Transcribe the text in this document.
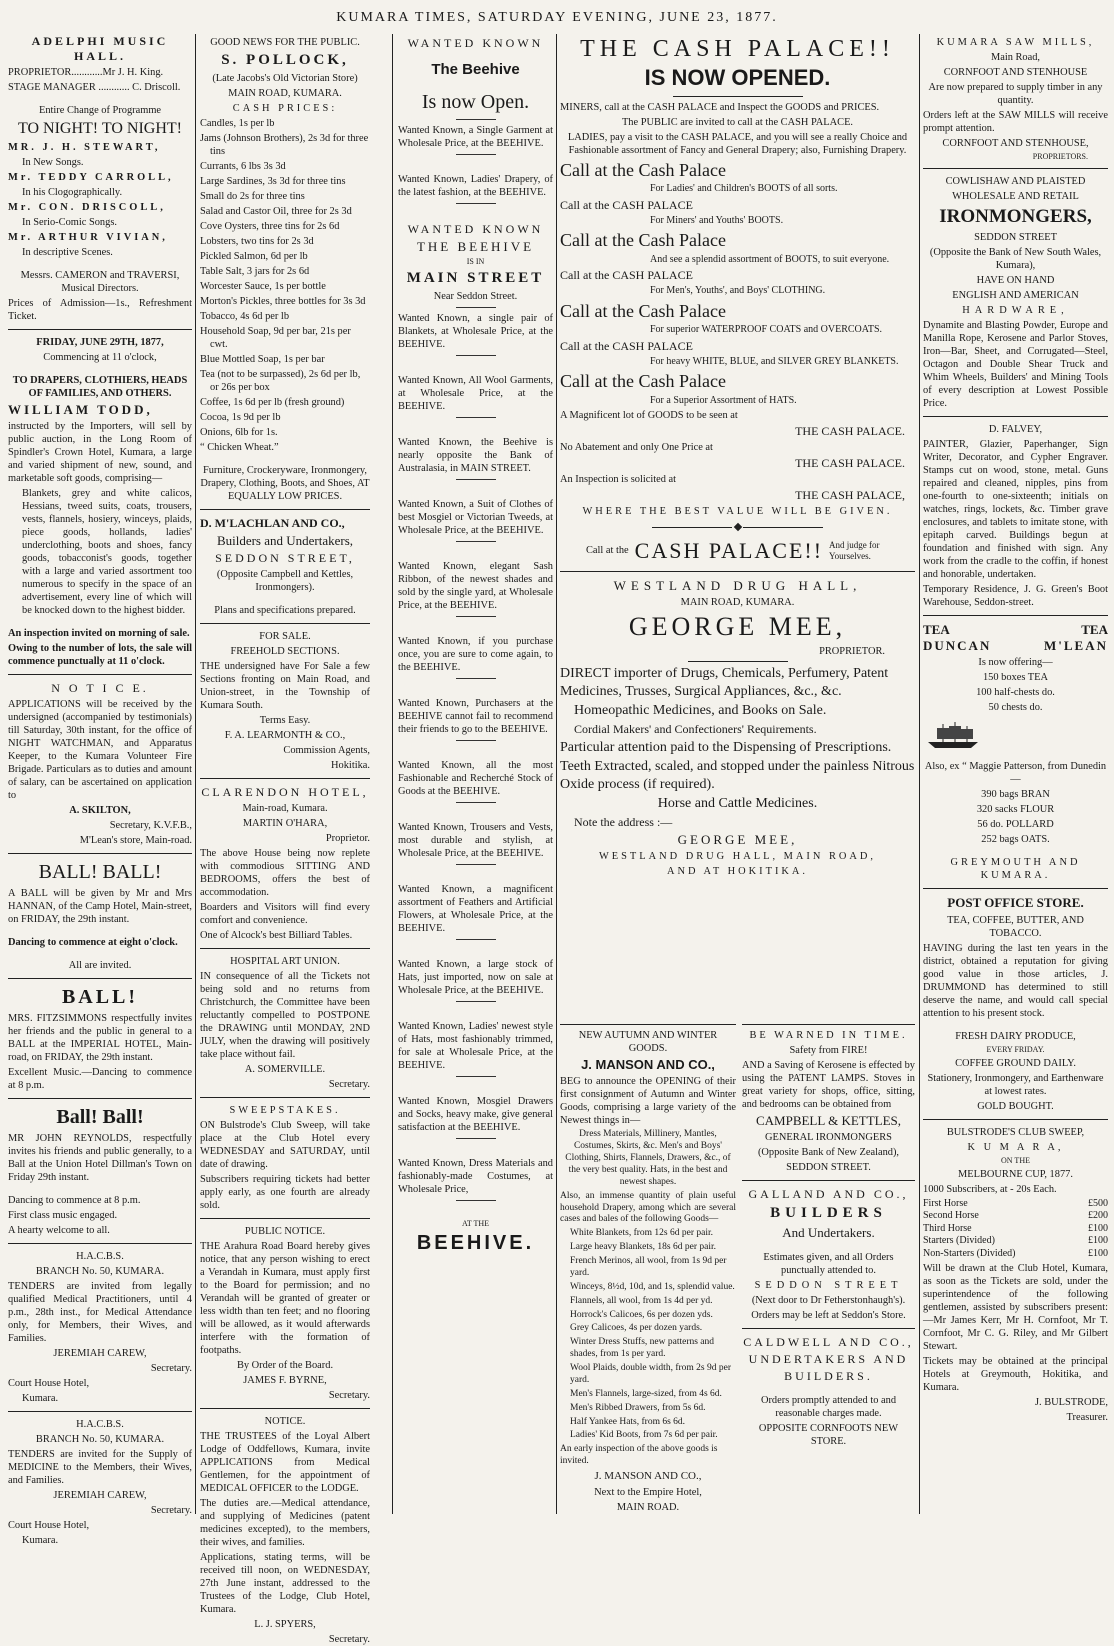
KUMARA TIMES, SATURDAY EVENING, JUNE 23, 1877.
ADELPHI MUSIC HALL.

PROPRIETOR............Mr J. H. King.

STAGE MANAGER ............ C. Driscoll.

Entire Change of Programme

TO NIGHT! TO NIGHT!

MR. J. H. STEWART,

In New Songs.

Mr. TEDDY CARROLL,

In his Clogographically.

Mr. CON. DRISCOLL,

In Serio-Comic Songs.

Mr. ARTHUR VIVIAN,

In descriptive Scenes.

Messrs. CAMERON and TRAVERSI, Musical Directors.

Prices of Admission—1s., Refreshment Ticket.

FRIDAY, JUNE 29TH, 1877,

Commencing at 11 o'clock,

TO DRAPERS, CLOTHIERS, HEADS OF FAMILIES, AND OTHERS.

WILLIAM TODD,

instructed by the Importers, will sell by public auction, in the Long Room of Spindler's Crown Hotel, Kumara, a large and varied shipment of new, sound, and marketable soft goods, comprising—

Blankets, grey and white calicos, Hessians, tweed suits, coats, trousers, vests, flannels, hosiery, winceys, plaids, piece goods, hollands, ladies' underclothing, boots and shoes, fancy goods, tobacconist's goods, together with a large and varied assortment too numerous to specify in the space of an advertisement, every line of which will be knocked down to the highest bidder.

An inspection invited on morning of sale.

Owing to the number of lots, the sale will commence punctually at 11 o'clock.

N O T I C E.

APPLICATIONS will be received by the undersigned (accompanied by testimonials) till Saturday, 30th instant, for the office of NIGHT WATCHMAN, and Apparatus Keeper, to the Kumara Volunteer Fire Brigade. Particulars as to duties and amount of salary, can be ascertained on application to

A. SKILTON,

Secretary, K.V.F.B.,

M'Lean's store, Main-road.

BALL! BALL!

A BALL will be given by Mr and Mrs HANNAN, of the Camp Hotel, Main-street, on FRIDAY, the 29th instant.

Dancing to commence at eight o'clock.

All are invited.

BALL!

MRS. FITZSIMMONS respectfully invites her friends and the public in general to a BALL at the IMPERIAL HOTEL, Main-road, on FRIDAY, the 29th instant.

Excellent Music.—Dancing to commence at 8 p.m.

Ball! Ball!

MR JOHN REYNOLDS, respectfully invites his friends and public generally, to a Ball at the Union Hotel Dillman's Town on Friday 29th instant.

Dancing to commence at 8 p.m.

First class music engaged.

A hearty welcome to all.

H.A.C.B.S.

BRANCH No. 50, KUMARA.

TENDERS are invited from legally qualified Medical Practitioners, until 4 p.m., 28th inst., for Medical Attendance only, for Members, their Wives, and Families.

JEREMIAH CAREW,

Secretary.

Court House Hotel,

Kumara.

H.A.C.B.S.

BRANCH No. 50, KUMARA.

TENDERS are invited for the Supply of MEDICINE to the Members, their Wives, and Families.

JEREMIAH CAREW,

Secretary.

Court House Hotel,

Kumara.

GOOD NEWS FOR THE PUBLIC.

S. POLLOCK,

(Late Jacobs's Old Victorian Store)

MAIN ROAD, KUMARA.

CASH PRICES:

Candles, 1s per lb

Jams (Johnson Brothers), 2s 3d for three tins

Currants, 6 lbs 3s 3d

Large Sardines, 3s 3d for three tins

Small do 2s for three tins

Salad and Castor Oil, three for 2s 3d

Cove Oysters, three tins for 2s 6d

Lobsters, two tins for 2s 3d

Pickled Salmon, 6d per lb

Table Salt, 3 jars for 2s 6d

Worcester Sauce, 1s per bottle

Morton's Pickles, three bottles for 3s 3d

Tobacco, 4s 6d per lb

Household Soap, 9d per bar, 21s per cwt.

Blue Mottled Soap, 1s per bar

Tea (not to be surpassed), 2s 6d per lb, or 26s per box

Coffee, 1s 6d per lb (fresh ground)

Cocoa, 1s 9d per lb

Onions, 6lb for 1s.

“ Chicken Wheat.”

Furniture, Crockeryware, Ironmongery, Drapery, Clothing, Boots, and Shoes, AT EQUALLY LOW PRICES.

D. M'LACHLAN AND CO.,

Builders and Undertakers,

SEDDON STREET,

(Opposite Campbell and Kettles, Ironmongers).

Plans and specifications prepared.

FOR SALE.

FREEHOLD SECTIONS.

THE undersigned have For Sale a few Sections fronting on Main Road, and Union-street, in the Township of Kumara South.

Terms Easy.

F. A. LEARMONTH & CO.,

Commission Agents,

Hokitika.

CLARENDON HOTEL,

Main-road, Kumara.

MARTIN O'HARA,

Proprietor.

The above House being now replete with commodious SITTING AND BEDROOMS, offers the best of accommodation.

Boarders and Visitors will find every comfort and convenience.

One of Alcock's best Billiard Tables.

HOSPITAL ART UNION.

IN consequence of all the Tickets not being sold and no returns from Christchurch, the Committee have been reluctantly compelled to POSTPONE the DRAWING until MONDAY, 2ND JULY, when the drawing will positively take place without fail.

A. SOMERVILLE.

Secretary.

SWEEPSTAKES.

ON Bulstrode's Club Sweep, will take place at the Club Hotel every WEDNESDAY and SATURDAY, until date of drawing.

Subscribers requiring tickets had better apply early, as one fourth are already sold.

PUBLIC NOTICE.

THE Arahura Road Board hereby gives notice, that any person wishing to erect a Verandah in Kumara, must apply first to the Board for permission; and no Verandah will be granted of greater or less width than ten feet; and no flooring will be allowed, as it would afterwards interfere with the formation of footpaths.

By Order of the Board.

JAMES F. BYRNE,

Secretary.

NOTICE.

THE TRUSTEES of the Loyal Albert Lodge of Oddfellows, Kumara, invite APPLICATIONS from Medical Gentlemen, for the appointment of MEDICAL OFFICER to the LODGE.

The duties are.—Medical attendance, and supplying of Medicines (patent medicines excepted), to the members, their wives, and families.

Applications, stating terms, will be received till noon, on WEDNESDAY, 27th June instant, addressed to the Trustees of the Lodge, Club Hotel, Kumara.

L. J. SPYERS,

Secretary.

WANTED KNOWN

The Beehive

Is now Open.

Wanted Known, a Single Garment at Wholesale Price, at the BEEHIVE.

Wanted Known, Ladies' Drapery, of the latest fashion, at the BEEHIVE.

WANTED KNOWN

THE BEEHIVE

IS IN

MAIN STREET

Near Seddon Street.

Wanted Known, a single pair of Blankets, at Wholesale Price, at the BEEHIVE.

Wanted Known, All Wool Garments, at Wholesale Price, at the BEEHIVE.

Wanted Known, the Beehive is nearly opposite the Bank of Australasia, in MAIN STREET.

Wanted Known, a Suit of Clothes of best Mosgiel or Victorian Tweeds, at Wholesale Price, at the BEEHIVE.

Wanted Known, elegant Sash Ribbon, of the newest shades and sold by the single yard, at Wholesale Price, at the BEEHIVE.

Wanted Known, if you purchase once, you are sure to come again, to the BEEHIVE.

Wanted Known, Purchasers at the BEEHIVE cannot fail to recommend their friends to go to the BEEHIVE.

Wanted Known, all the most Fashionable and Recherché Stock of Goods at the BEEHIVE.

Wanted Known, Trousers and Vests, most durable and stylish, at Wholesale Price, at the BEEHIVE.

Wanted Known, a magnificent assortment of Feathers and Artificial Flowers, at Wholesale Price, at the BEEHIVE.

Wanted Known, a large stock of Hats, just imported, now on sale at Wholesale Price, at the BEEHIVE.

Wanted Known, Ladies' newest style of Hats, most fashionably trimmed, for sale at Wholesale Price, at the BEEHIVE.

Wanted Known, Mosgiel Drawers and Socks, heavy make, give general satisfaction at the BEEHIVE.

Wanted Known, Dress Materials and fashionably-made Costumes, at Wholesale Price,

AT THE

BEEHIVE.

THE CASH PALACE!!
IS NOW OPENED.

MINERS, call at the CASH PALACE and Inspect the GOODS and PRICES.

The PUBLIC are invited to call at the CASH PALACE.

LADIES, pay a visit to the CASH PALACE, and you will see a really Choice and Fashionable assortment of Fancy and General Drapery; also, Furnishing Drapery.

Call at the Cash Palace

For Ladies' and Children's BOOTS of all sorts.

Call at the CASH PALACE

For Miners' and Youths' BOOTS.

Call at the Cash Palace

And see a splendid assortment of BOOTS, to suit everyone.

Call at the CASH PALACE

For Men's, Youths', and Boys' CLOTHING.

Call at the Cash Palace

For superior WATERPROOF COATS and OVERCOATS.

Call at the CASH PALACE

For heavy WHITE, BLUE, and SILVER GREY BLANKETS.

Call at the Cash Palace

For a Superior Assortment of HATS.

A Magnificent lot of GOODS to be seen at

THE CASH PALACE.

No Abatement and only One Price at

THE CASH PALACE.

An Inspection is solicited at

THE CASH PALACE,

WHERE THE BEST VALUE WILL BE GIVEN.

Call at the CASH PALACE!! And judge for Yourselves.

WESTLAND DRUG HALL,

MAIN ROAD, KUMARA.

GEORGE MEE,

PROPRIETOR.

DIRECT importer of Drugs, Chemicals, Perfumery, Patent Medicines, Trusses, Surgical Appliances, &c., &c.

Homeopathic Medicines, and Books on Sale.

Cordial Makers' and Confectioners' Requirements.

Particular attention paid to the Dispensing of Prescriptions.

Teeth Extracted, scaled, and stopped under the painless Nitrous Oxide process (if required).

Horse and Cattle Medicines.

Note the address :—

GEORGE MEE,

WESTLAND DRUG HALL, MAIN ROAD,

AND AT HOKITIKA.

NEW AUTUMN AND WINTER GOODS.

J. MANSON AND CO.,

BEG to announce the OPENING of their first consignment of Autumn and Winter Goods, comprising a large variety of the Newest things in—

Dress Materials, Millinery, Mantles, Costumes, Skirts, &c. Men's and Boys' Clothing, Shirts, Flannels, Drawers, &c., of the very best quality. Hats, in the best and newest shapes.

Also, an immense quantity of plain useful household Drapery, among which are several cases and bales of the following Goods—

White Blankets, from 12s 6d per pair.

Large heavy Blankets, 18s 6d per pair.

French Merinos, all wool, from 1s 9d per yard.

Winceys, 8½d, 10d, and 1s, splendid value.

Flannels, all wool, from 1s 4d per yd.

Horrock's Calicoes, 6s per dozen yds.

Grey Calicoes, 4s per dozen yards.

Winter Dress Stuffs, new patterns and shades, from 1s per yard.

Wool Plaids, double width, from 2s 9d per yard.

Men's Flannels, large-sized, from 4s 6d.

Men's Ribbed Drawers, from 5s 6d.

Half Yankee Hats, from 6s 6d.

Ladies' Kid Boots, from 7s 6d per pair.

An early inspection of the above goods is invited.

J. MANSON AND CO.,

Next to the Empire Hotel,

MAIN ROAD.

BE WARNED IN TIME.

Safety from FIRE!

AND a Saving of Kerosene is effected by using the PATENT LAMPS. Stoves in great variety for shops, office, sitting, and bedrooms can be obtained from

CAMPBELL & KETTLES,

GENERAL IRONMONGERS

(Opposite Bank of New Zealand),

SEDDON STREET.

GALLAND AND CO.,

BUILDERS

And Undertakers.

Estimates given, and all Orders punctually attended to.

SEDDON STREET

(Next door to Dr Fetherstonhaugh's).

Orders may be left at Seddon's Store.

CALDWELL AND CO.,

UNDERTAKERS AND

BUILDERS.

Orders promptly attended to and reasonable charges made.

OPPOSITE CORNFOOTS NEW STORE.

KUMARA SAW MILLS,

Main Road,

CORNFOOT AND STENHOUSE

Are now prepared to supply timber in any quantity.

Orders left at the SAW MILLS will receive prompt attention.

CORNFOOT AND STENHOUSE,

PROPRIETORS.

COWLISHAW AND PLAISTED

WHOLESALE AND RETAIL

IRONMONGERS,

SEDDON STREET

(Opposite the Bank of New South Wales, Kumara),

HAVE ON HAND

ENGLISH AND AMERICAN

HARDWARE,

Dynamite and Blasting Powder, Europe and Manilla Rope, Kerosene and Parlor Stoves, Iron—Bar, Sheet, and Corrugated—Steel, Octagon and Double Shear Truck and Whim Wheels, Builders' and Mining Tools of every description at Lowest Possible Price.

D. FALVEY,

PAINTER, Glazier, Paperhanger, Sign Writer, Decorator, and Cypher Engraver. Stamps cut on wood, stone, metal. Guns repaired and cleaned, nipples, pins from one-fourth to one-sixteenth; initials on watches, rings, lockets, &c. Timber grave enclosures, and tablets to imitate stone, with epitaph carved. Buildings begun at foundation and finished with sign. Any work from the cradle to the coffin, if honest and honorable, undertaken.

Temporary Residence, J. G. Green's Boot Warehouse, Seddon-street.

TEA
DUNCAN
TEA
M'LEAN

Is now offering—

150 boxes TEA

100 half-chests do.

50 chests do.

Also, ex “ Maggie Patterson, from Dunedin—

390 bags BRAN

320 sacks FLOUR

56 do. POLLARD

252 bags OATS.

GREYMOUTH AND KUMARA.

POST OFFICE STORE.

TEA, COFFEE, BUTTER, AND TOBACCO.

HAVING during the last ten years in the district, obtained a reputation for giving good value in those articles, J. DRUMMOND has determined to still deserve the name, and would call special attention to his present stock.

FRESH DAIRY PRODUCE,

EVERY FRIDAY.

COFFEE GROUND DAILY.

Stationery, Ironmongery, and Earthenware at lowest rates.

GOLD BOUGHT.

BULSTRODE'S CLUB SWEEP,

K U M A R A,

ON THE

MELBOURNE CUP, 1877.

1000 Subscribers, at - 20s Each.

First Horse	£500
Second Horse	£200
Third Horse	£100
Starters (Divided)	£100
Non-Starters (Divided)	£100

Will be drawn at the Club Hotel, Kumara, as soon as the Tickets are sold, under the superintendence of the following gentlemen, assisted by subscribers present:—Mr James Kerr, Mr H. Cornfoot, Mr T. Cornfoot, Mr C. G. Riley, and Mr Gilbert Stewart.

Tickets may be obtained at the principal Hotels at Greymouth, Hokitika, and Kumara.

J. BULSTRODE,

Treasurer.
